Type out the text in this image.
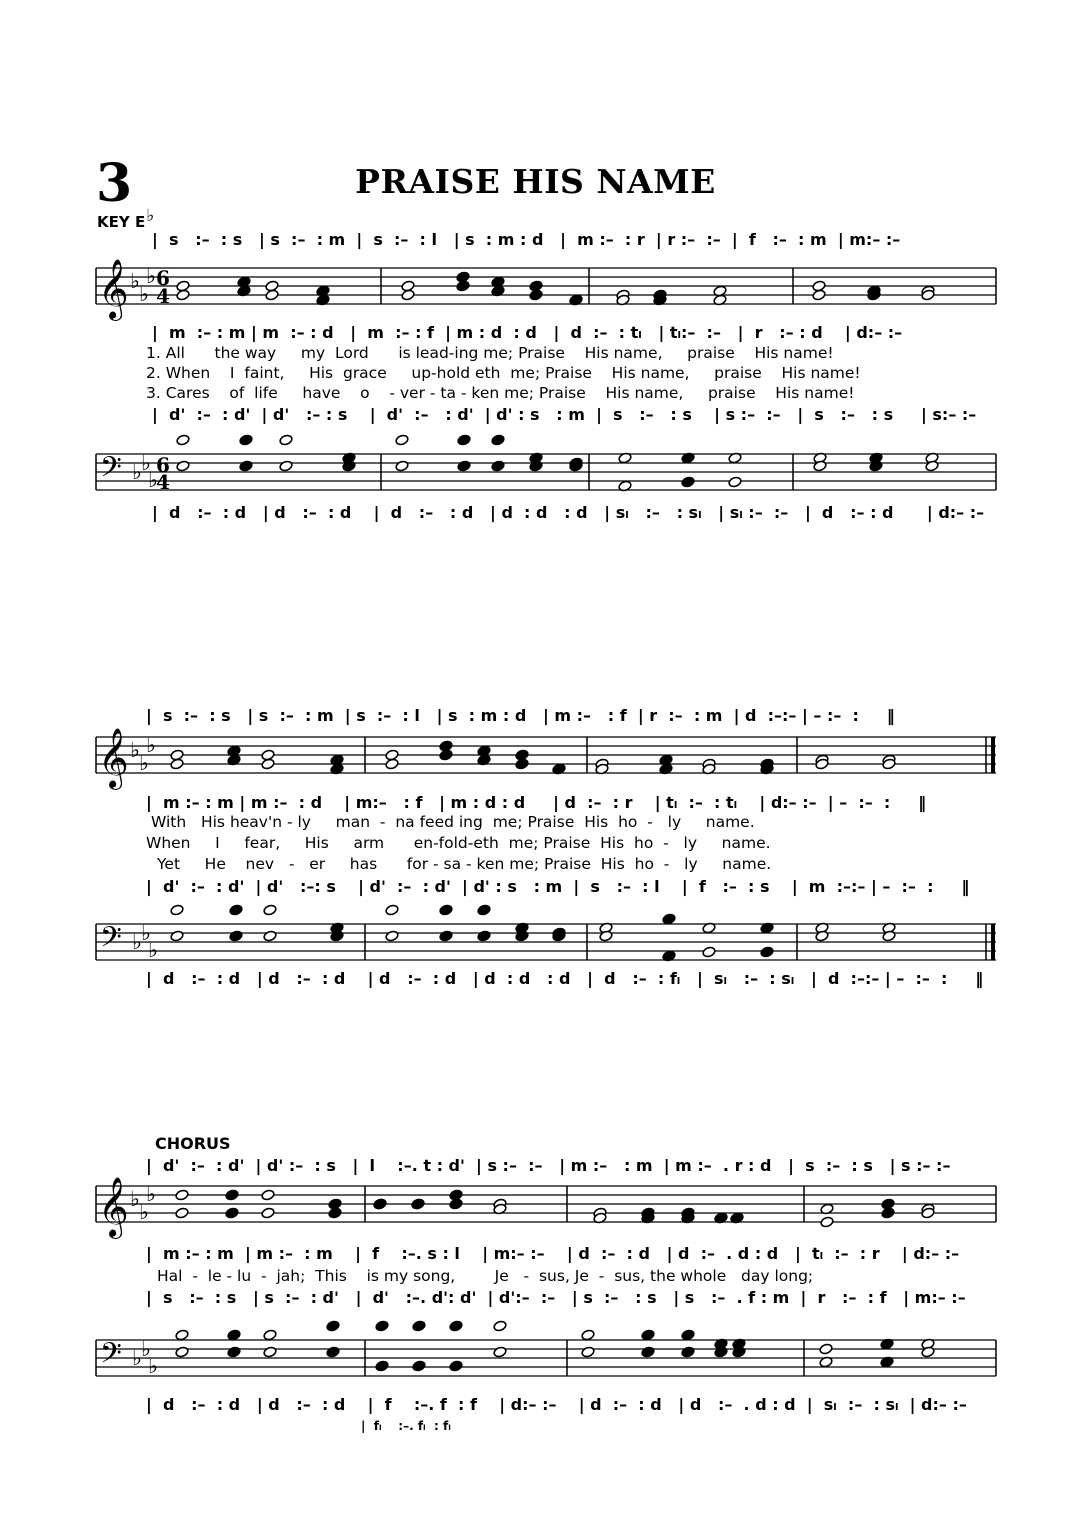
3	PRAISE HIS NAME
KEY E♭
|  s   :–  : s   | s  :–  : m  |  s  :–  : l   | s  : m : d   |  m :–  : r  | r :–  :–  |  f   :–  : m  | m:– :–
|  m  :– : m | m  :– : d   |  m  :– : f  | m : d  : d   |  d  :–  : tₗ   | tₗ:–  :–   |  r   :– : d    | d:– :–
1. All      the way     my  Lord      is lead-ing me; Praise    His name,     praise    His name!
2. When    I  faint,     His  grace     up-hold eth  me; Praise    His name,     praise    His name!
3. Cares    of  life     have    o    - ver - ta - ken me; Praise    His name,     praise    His name!
|  d'  :–  : d'  | d'   :– : s    |  d'  :–   : d'  | d' : s   : m  |  s   :–   : s    | s :–  :–   |  s   :–   : s     | s:– :–
|  d   :–  : d   | d   :–  : d    |  d   :–   : d   | d  : d   : d   | sₗ   :–   : sₗ   | sₗ :–  :–   |  d   :– : d      | d:– :–
𝄞 ♭
♭
♭ 6
4
𝄢 ♭ ♭
♭
6
4
|  s  :–  : s   | s  :–  : m  | s  :–  : l   | s  : m : d   | m :–   : f  | r  :–  : m  | d  :–:– | – :–  :     ‖
|  m :– : m | m :–  : d    | m:–   : f   | m : d : d     | d  :–  : r    | tₗ  :–  : tₗ    | d:– :–  | –  :–  :     ‖
With   His heav'n - ly     man  -  na feed ing  me; Praise  His  ho  -   ly     name.
When     I     fear,     His     arm      en-fold-eth  me; Praise  His  ho  -   ly     name.
Yet     He    nev   -   er     has      for - sa - ken me; Praise  His  ho  -   ly     name.
|  d'  :–  : d'  | d'   :–: s    | d'  :–  : d'  | d' : s   : m  |  s   :–  : l    |  f   :–  : s    |  m  :–:– | –  :–  :     ‖
|  d   :–  : d   | d   :–  : d    | d   :–  : d   | d  : d   : d   |  d   :–  : fₗ   |  sₗ   :–  : sₗ   |  d  :–:– | –  :–  :     ‖
𝄞 ♭
♭
♭
𝄢 ♭ ♭
♭
CHORUS
|  d'  :–  : d'  | d' :–  : s   |  l    :–. t : d'  | s :–  :–   | m :–   : m  | m :–  . r : d   |  s  :–  : s   | s :– :–
|  m :– : m  | m :–  : m    |  f    :–. s : l    | m:– :–    | d  :–  : d   | d  :–  . d : d   |  tₗ  :–  : r    | d:– :–
Hal  -  le - lu  -  jah;  This    is my song,        Je   -  sus, Je  -  sus, the whole   day long;
|  s   :–  : s   | s  :–  : d'   |  d'   :–. d': d'  | d':–  :–   | s  :–   : s   | s   :–  . f : m  |  r   :–  : f   | m:– :–
|  d   :–  : d   | d   :–  : d    |  f    :–. f  : f    | d:– :–    | d  :–  : d   | d   :–  . d : d  |  sₗ  :–  : sₗ  | d:– :–
|  fₗ    :–. fₗ  : fₗ
𝄞 ♭
♭
♭
𝄢 ♭ ♭
♭
